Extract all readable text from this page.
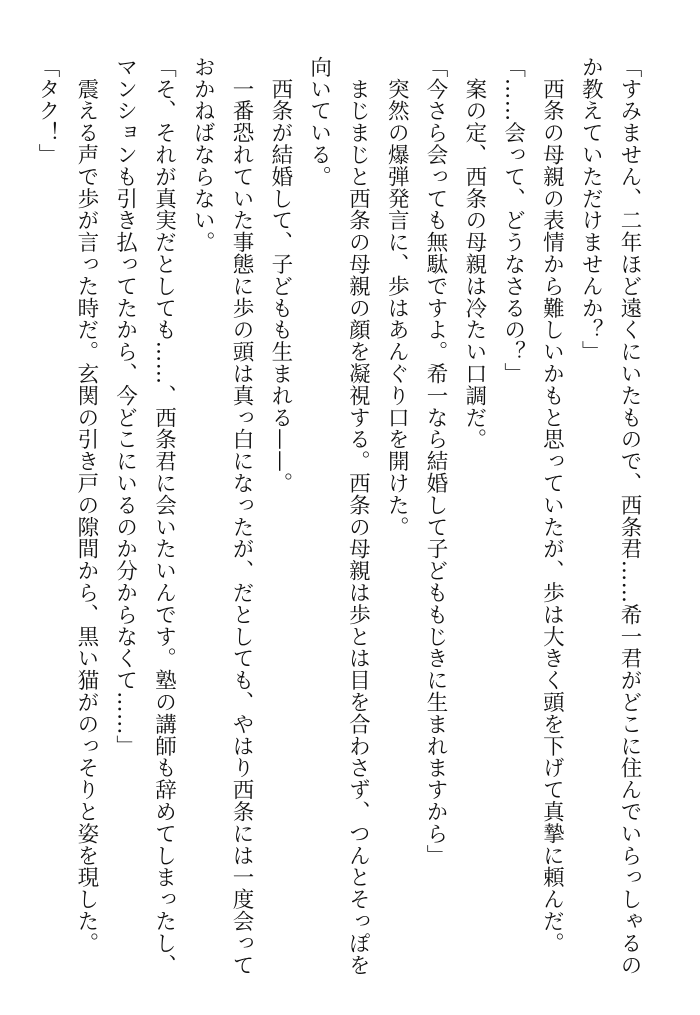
「すみません、二年ほど遠くにいたもので、西条君……希一君がどこに住んでいらっしゃるの
か教えていただけませんか？」
　西条の母親の表情から難しいかもと思っていたが、歩は大きく頭を下げて真摯に頼んだ。
「……会って、どうなさるの？」
　案の定、西条の母親は冷たい口調だ。
「今さら会っても無駄ですよ。希一なら結婚して子どももじきに生まれますから」
　突然の爆弾発言に、歩はあんぐり口を開けた。
　まじまじと西条の母親の顔を凝視する。西条の母親は歩とは目を合わさず、つんとそっぽを
向いている。
　西条が結婚して、子どもも生まれる——。
　一番恐れていた事態に歩の頭は真っ白になったが、だとしても、やはり西条には一度会って
おかねばならない。
「そ、それが真実だとしても……、西条君に会いたいんです。塾の講師も辞めてしまったし、
マンションも引き払ってたから、今どこにいるのか分からなくて……」
　震える声で歩が言った時だ。玄関の引き戸の隙間から、黒い猫がのっそりと姿を現した。
「タク！」
